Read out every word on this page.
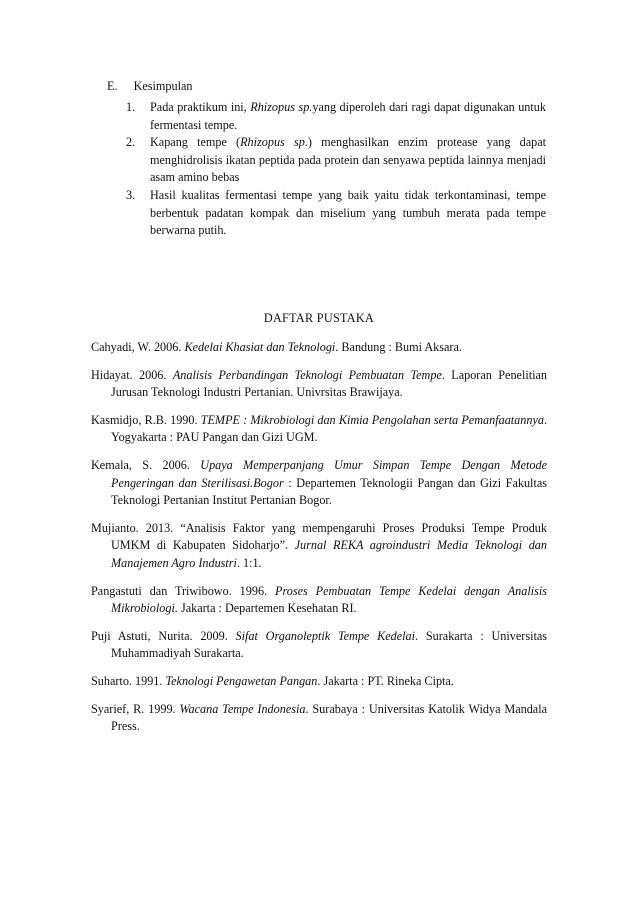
E. Kesimpulan
1.	Pada praktikum ini, Rhizopus sp.yang diperoleh dari ragi dapat digunakan untuk fermentasi tempe.
2.	Kapang tempe (Rhizopus sp.) menghasilkan enzim protease yang dapat menghidrolisis ikatan peptida pada protein dan senyawa peptida lainnya menjadi asam amino bebas
3.	Hasil kualitas fermentasi tempe yang baik yaitu tidak terkontaminasi, tempe berbentuk padatan kompak dan miselium yang tumbuh merata pada tempe berwarna putih.
DAFTAR PUSTAKA

Cahyadi, W. 2006. Kedelai Khasiat dan Teknologi. Bandung : Bumi Aksara.

Hidayat. 2006. Analisis Perbandingan Teknologi Pembuatan Tempe. Laporan Penelitian Jurusan Teknologi Industri Pertanian. Univrsitas Brawijaya.

Kasmidjo, R.B. 1990. TEMPE : Mikrobiologi dan Kimia Pengolahan serta Pemanfaatannya. Yogyakarta : PAU Pangan dan Gizi UGM.

Kemala, S. 2006. Upaya Memperpanjang Umur Simpan Tempe Dengan Metode Pengeringan dan Sterilisasi.Bogor : Departemen Teknologii Pangan dan Gizi Fakultas Teknologi Pertanian Institut Pertanian Bogor.

Mujianto. 2013. “Analisis Faktor yang mempengaruhi Proses Produksi Tempe Produk UMKM di Kabupaten Sidoharjo”. Jurnal REKA agroindustri Media Teknologi dan Manajemen Agro Industri. 1:1.

Pangastuti dan Triwibowo. 1996. Proses Pembuatan Tempe Kedelai dengan Analisis Mikrobiologi. Jakarta : Departemen Kesehatan RI.

Puji Astuti, Nurita. 2009. Sifat Organoleptik Tempe Kedelai. Surakarta : Universitas Muhammadiyah Surakarta.

Suharto. 1991. Teknologi Pengawetan Pangan. Jakarta : PT. Rineka Cipta.

Syarief, R. 1999. Wacana Tempe Indonesia. Surabaya : Universitas Katolik Widya Mandala Press.
